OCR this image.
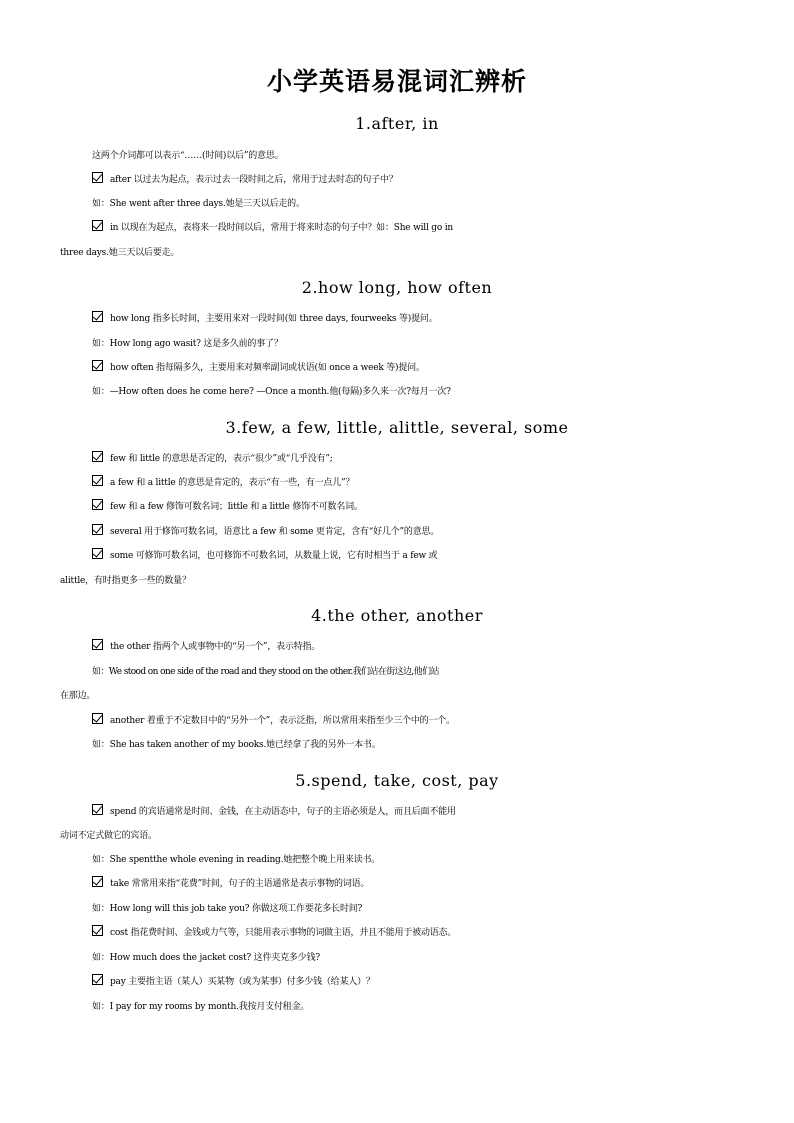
小学英语易混词汇辨析
1.after, in
这两个介词都可以表示“……(时间)以后”的意思。
after 以过去为起点，表示过去一段时间之后，常用于过去时态的句子中？
如：She went after three days.她是三天以后走的。
in 以现在为起点，表将来一段时间以后，常用于将来时态的句子中？如：She will go in
three days.她三天以后要走。
2.how long, how often
how long 指多长时间，主要用来对一段时间(如 three days, fourweeks 等)提问。
如：How long ago wasit? 这是多久前的事了？
how often 指每隔多久，主要用来对频率副词或状语(如 once a week 等)提问。
如：—How often does he come here? —Once a month.他(每隔)多久来一次?每月一次?
3.few, a few, little, alittle, several, some
few 和 little 的意思是否定的，表示“很少”或“几乎没有”;
a few 和 a little 的意思是肯定的，表示“有一些，有一点儿”？
few 和 a few 修饰可数名词；little 和 a little 修饰不可数名词。
several 用于修饰可数名词，语意比 a few 和 some 更肯定，含有“好几个”的意思。
some 可修饰可数名词，也可修饰不可数名词，从数量上说，它有时相当于 a few 或
alittle，有时指更多一些的数量？
4.the other, another
the other 指两个人或事物中的“另一个”，表示特指。
如：We stood on one side of the road and they stood on the other.我们站在街这边,他们站
在那边。
another 着重于不定数目中的“另外一个”，表示泛指，所以常用来指至少三个中的一个。
如：She has taken another of my books.她已经拿了我的另外一本书。
5.spend, take, cost, pay
spend 的宾语通常是时间、金钱，在主动语态中，句子的主语必须是人，而且后面不能用
动词不定式做它的宾语。
如：She spentthe whole evening in reading.她把整个晚上用来读书。
take 常常用来指“花费”时间，句子的主语通常是表示事物的词语。
如：How long will this job take you? 你做这项工作要花多长时间?
cost 指花费时间、金钱或力气等，只能用表示事物的词做主语，并且不能用于被动语态。
如：How much does the jacket cost? 这件夹克多少钱?
pay 主要指主语（某人）买某物（或为某事）付多少钱（给某人）？
如：I pay for my rooms by month.我按月支付租金。
